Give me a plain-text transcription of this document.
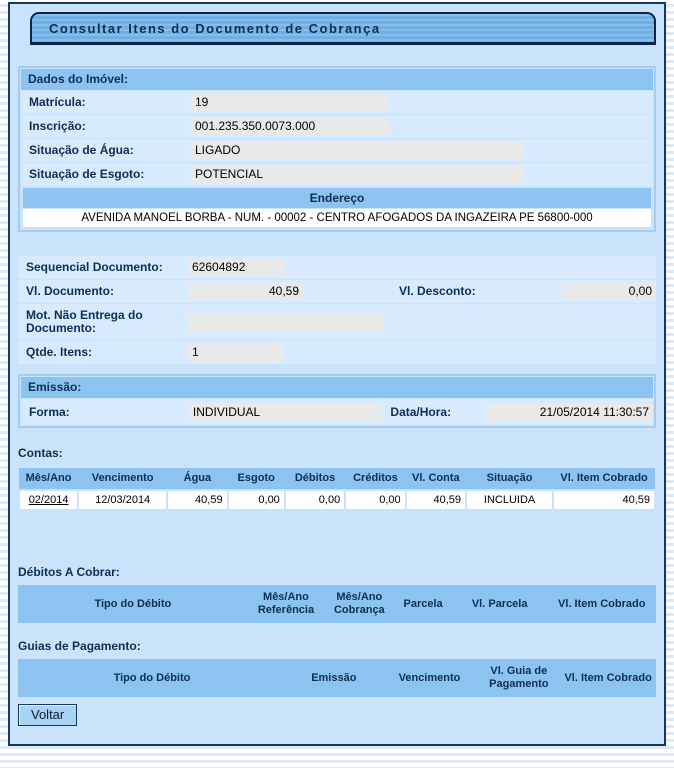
Consultar Itens do Documento de Cobrança
Dados do Imóvel:
Matrícula:	19
Inscrição:	001.235.350.0073.000
Situação de Água:	LIGADO
Situação de Esgoto:	POTENCIAL
Endereço
AVENIDA MANOEL BORBA - NUM. - 00002 - CENTRO AFOGADOS DA INGAZEIRA PE 56800-000
Sequencial Documento:	62604892
Vl. Documento:	40,59	Vl. Desconto:	0,00
Mot. Não Entrega do Documento:
Qtde. Itens:	1
Emissão:
Forma:	INDIVIDUAL	Data/Hora:	21/05/2014 11:30:57
Contas:
Mês/Ano	Vencimento	Água	Esgoto	Débitos	Créditos	Vl. Conta	Situação	Vl. Item Cobrado
02/2014	12/03/2014	40,59	0,00	0,00	0,00	40,59	INCLUIDA	40,59
Débitos A Cobrar:
Tipo do Débito	Mês/Ano Referência	Mês/Ano Cobrança	Parcela	Vl. Parcela	Vl. Item Cobrado
Guias de Pagamento:
Tipo do Débito	Emissão	Vencimento	Vl. Guia de Pagamento	Vl. Item Cobrado
Voltar
